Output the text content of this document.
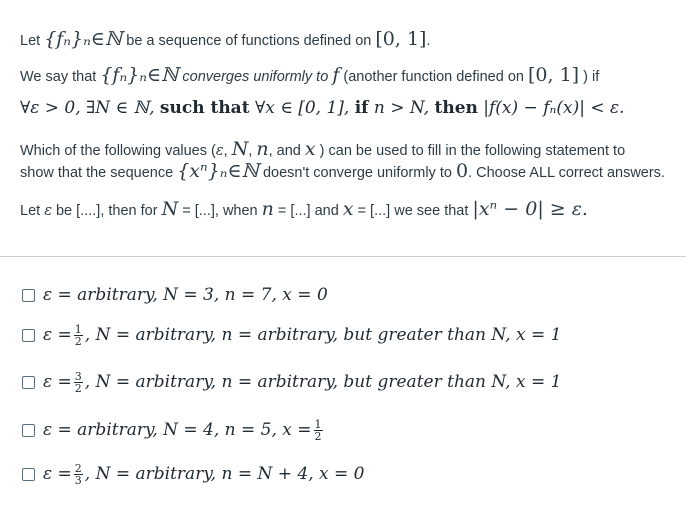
Let {fₙ}ₙ∈ℕ be a sequence of functions defined on [0, 1].
We say that {fₙ}ₙ∈ℕ converges uniformly to f (another function defined on [0, 1] ) if
∀ε > 0, ∃N ∈ ℕ, such that ∀x ∈ [0, 1], if n > N, then |f(x) − fₙ(x)| < ε.
Which of the following values (ε, N, n, and x ) can be used to fill in the following statement to
show that the sequence {xⁿ}ₙ∈ℕ doesn't converge uniformly to 0. Choose ALL correct answers.
Let ε be [....], then for N = [...], when n = [...] and x = [...] we see that |xⁿ − 0| ≥ ε.
ε = arbitrary, N = 3, n = 7, x = 0
$\varepsilon = \frac{1}{2}$ , N = arbitrary, n = arbitrary, but greater than N, x = 1
$\varepsilon = \frac{3}{2}$ , N = arbitrary, n = arbitrary, but greater than N, x = 1
ε = arbitrary, N = 4, n = 5, $x = \frac{1}{2}$
$\varepsilon = \frac{2}{3}$ , N = arbitrary, n = N + 4, x = 0
